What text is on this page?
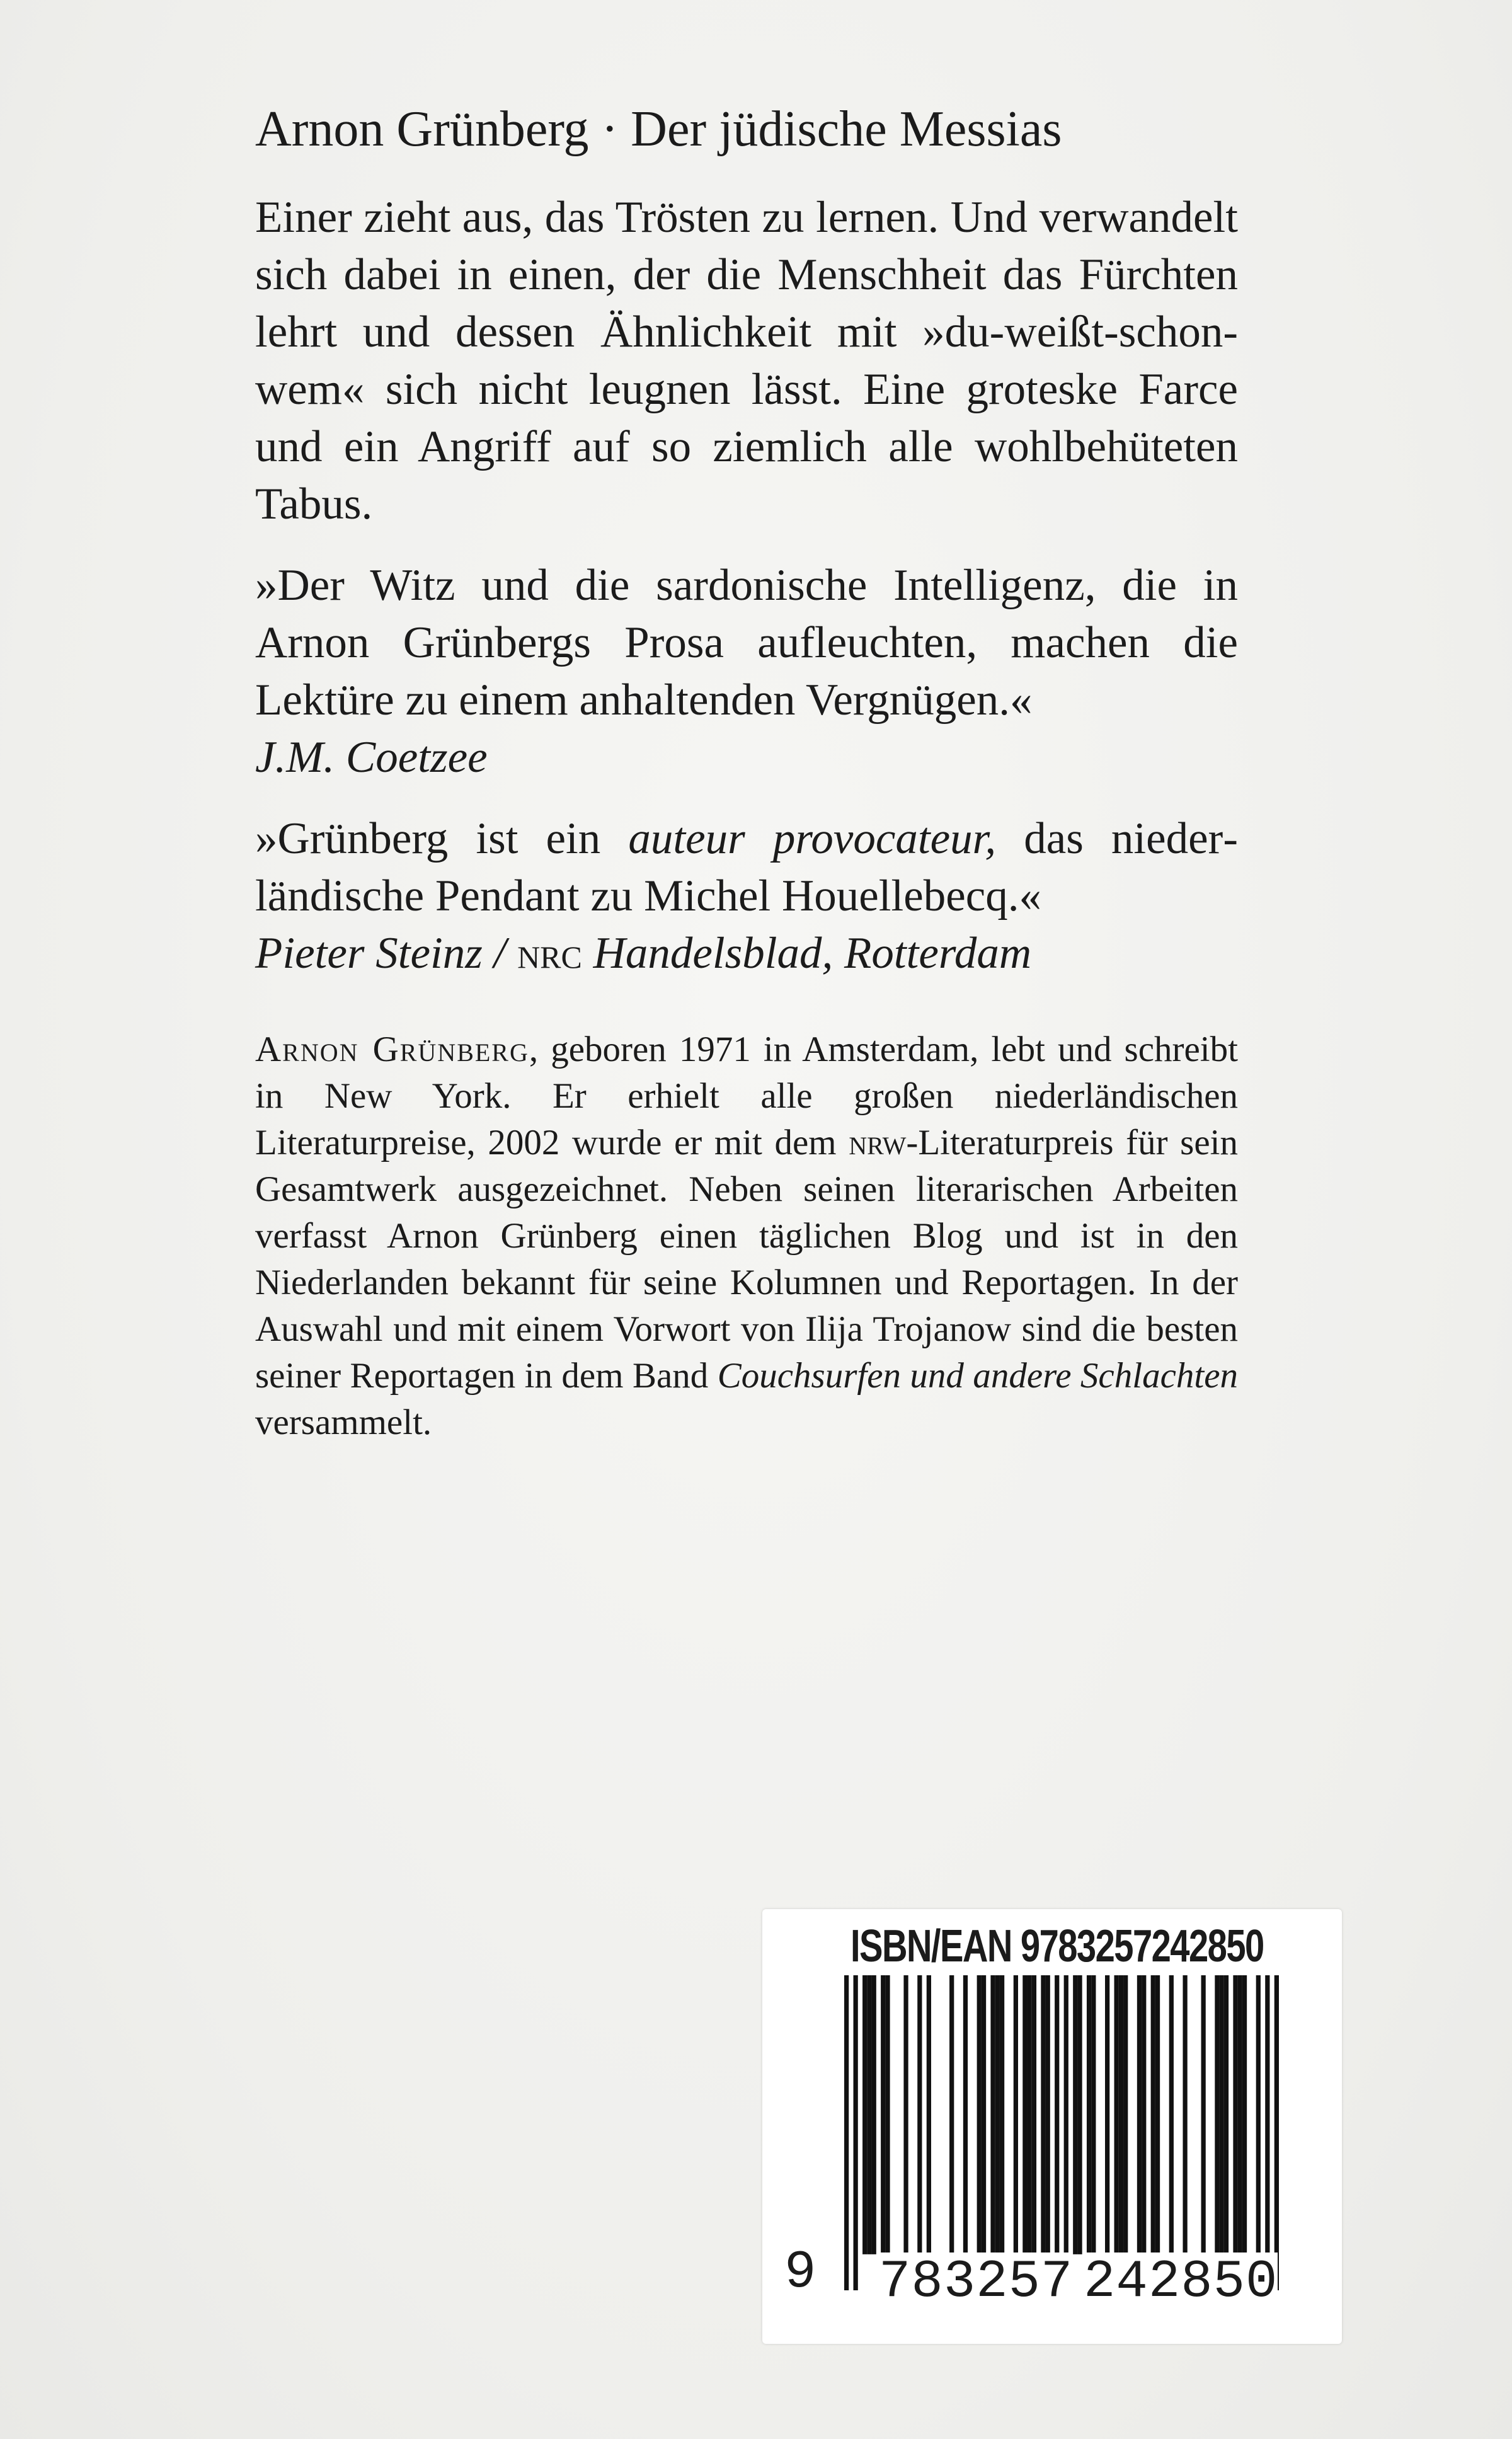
Arnon Grünberg · Der jüdische Messias

Einer zieht aus, das Trösten zu lernen. Und verwandelt sich dabei in einen, der die Menschheit das Fürchten lehrt und dessen Ähnlichkeit mit »du-weißt-schon-wem« sich nicht leugnen lässt. Eine groteske Farce und ein Angriff auf so ziemlich alle wohlbehüteten Tabus.

»Der Witz und die sardonische Intelligenz, die in Arnon Grünbergs Prosa aufleuchten, machen die Lektüre zu einem anhaltenden Vergnügen.«

J.M. Coetzee

»Grünberg ist ein auteur provocateur, das niederländische Pendant zu Michel Houellebecq.«

Pieter Steinz / nrc Handelsblad, Rotterdam

Arnon Grünberg, geboren 1971 in Amsterdam, lebt und schreibt in New York. Er erhielt alle großen niederländischen Literaturpreise, 2002 wurde er mit dem nrw-Literaturpreis für sein Gesamtwerk ausgezeichnet. Neben seinen literarischen Arbeiten verfasst Arnon Grünberg einen täglichen Blog und ist in den Niederlanden bekannt für seine Kolumnen und Reportagen. In der Auswahl und mit einem Vorwort von Ilija Trojanow sind die besten seiner Reportagen in dem Band Couchsurfen und andere Schlachten versammelt.

ISBN/EAN 9783257242850
9 783257 242850
